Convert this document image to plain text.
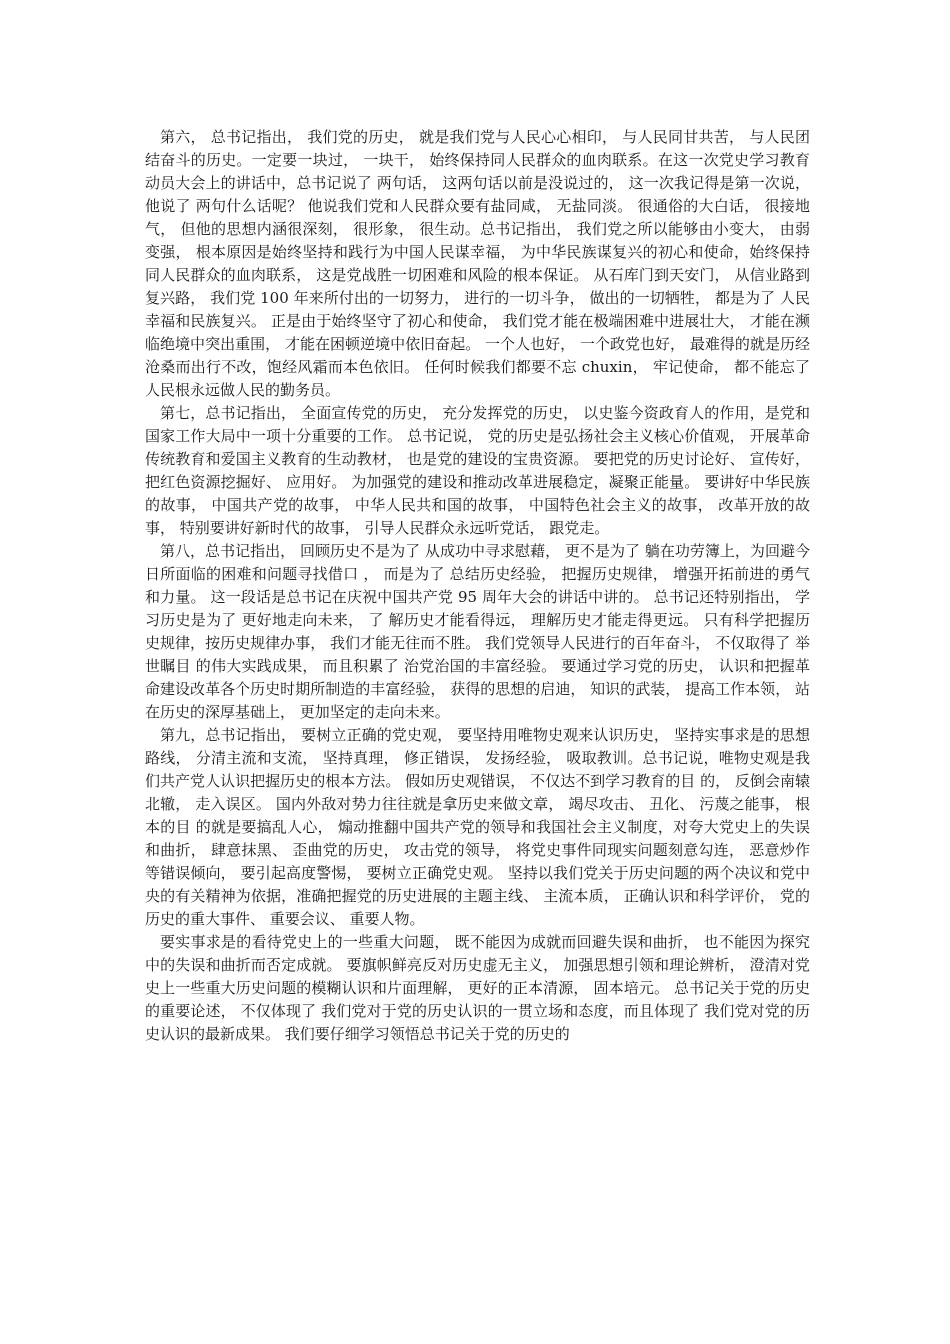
第六， 总书记指出， 我们党的历史， 就是我们党与人民心心相印， 与人民同甘共苦， 与人民团结奋斗的历史。一定要一块过， 一块干， 始终保持同人民群众的血肉联系。在这一次党史学习教育动员大会上的讲话中，总书记说了 两句话， 这两句话以前是没说过的， 这一次我记得是第一次说， 他说了 两句什么话呢？ 他说我们党和人民群众要有盐同咸， 无盐同淡。 很通俗的大白话， 很接地气， 但他的思想内涵很深刻， 很形象， 很生动。总书记指出， 我们党之所以能够由小变大， 由弱变强， 根本原因是始终坚持和践行为中国人民谋幸福， 为中华民族谋复兴的初心和使命，始终保持同人民群众的血肉联系， 这是党战胜一切困难和风险的根本保证。 从石库门到天安门， 从信业路到复兴路， 我们党 100 年来所付出的一切努力， 进行的一切斗争， 做出的一切牺牲， 都是为了 人民幸福和民族复兴。 正是由于始终坚守了初心和使命， 我们党才能在极端困难中进展壮大， 才能在濒临绝境中突出重围， 才能在困顿逆境中依旧奋起。 一个人也好， 一个政党也好， 最难得的就是历经沧桑而出行不改，饱经风霜而本色依旧。 任何时候我们都要不忘 chuxin， 牢记使命， 都不能忘了 人民根永远做人民的勤务员。

第七，总书记指出， 全面宣传党的历史， 充分发挥党的历史， 以史鉴今资政育人的作用，是党和国家工作大局中一项十分重要的工作。 总书记说， 党的历史是弘扬社会主义核心价值观， 开展革命传统教育和爱国主义教育的生动教材， 也是党的建设的宝贵资源。 要把党的历史讨论好、 宣传好， 把红色资源挖掘好、 应用好。 为加强党的建设和推动改革进展稳定，凝聚正能量。 要讲好中华民族的故事， 中国共产党的故事， 中华人民共和国的故事， 中国特色社会主义的故事， 改革开放的故事， 特别要讲好新时代的故事， 引导人民群众永远听党话， 跟党走。

第八，总书记指出， 回顾历史不是为了 从成功中寻求慰藉， 更不是为了 躺在功劳簿上，为回避今日所面临的困难和问题寻找借口 ， 而是为了 总结历史经验， 把握历史规律， 增强开拓前进的勇气和力量。 这一段话是总书记在庆祝中国共产党 95 周年大会的讲话中讲的。 总书记还特别指出， 学习历史是为了 更好地走向未来， 了 解历史才能看得远， 理解历史才能走得更远。 只有科学把握历史规律，按历史规律办事， 我们才能无往而不胜。 我们党领导人民进行的百年奋斗， 不仅取得了 举世瞩目 的伟大实践成果， 而且积累了 治党治国的丰富经验。 要通过学习党的历史， 认识和把握革命建设改革各个历史时期所制造的丰富经验， 获得的思想的启迪， 知识的武装， 提高工作本领， 站在历史的深厚基础上， 更加坚定的走向未来。

第九，总书记指出， 要树立正确的党史观， 要坚持用唯物史观来认识历史， 坚持实事求是的思想路线， 分清主流和支流， 坚持真理， 修正错误， 发扬经验， 吸取教训。总书记说，唯物史观是我们共产党人认识把握历史的根本方法。 假如历史观错误， 不仅达不到学习教育的目 的， 反倒会南辕北辙， 走入误区。 国内外敌对势力往往就是拿历史来做文章， 竭尽攻击、 丑化、 污蔑之能事， 根本的目 的就是要搞乱人心， 煽动推翻中国共产党的领导和我国社会主义制度，对夸大党史上的失误和曲折， 肆意抹黑、 歪曲党的历史， 攻击党的领导， 将党史事件同现实问题刻意勾连， 恶意炒作等错误倾向， 要引起高度警惕， 要树立正确党史观。 坚持以我们党关于历史问题的两个决议和党中央的有关精神为依据，准确把握党的历史进展的主题主线、 主流本质， 正确认识和科学评价， 党的历史的重大事件、 重要会议、 重要人物。

要实事求是的看待党史上的一些重大问题， 既不能因为成就而回避失误和曲折， 也不能因为探究中的失误和曲折而否定成就。 要旗帜鲜亮反对历史虚无主义， 加强思想引领和理论辨析， 澄清对党史上一些重大历史问题的模糊认识和片面理解， 更好的正本清源， 固本培元。 总书记关于党的历史的重要论述， 不仅体现了 我们党对于党的历史认识的一贯立场和态度，而且体现了 我们党对党的历史认识的最新成果。 我们要仔细学习领悟总书记关于党的历史的
